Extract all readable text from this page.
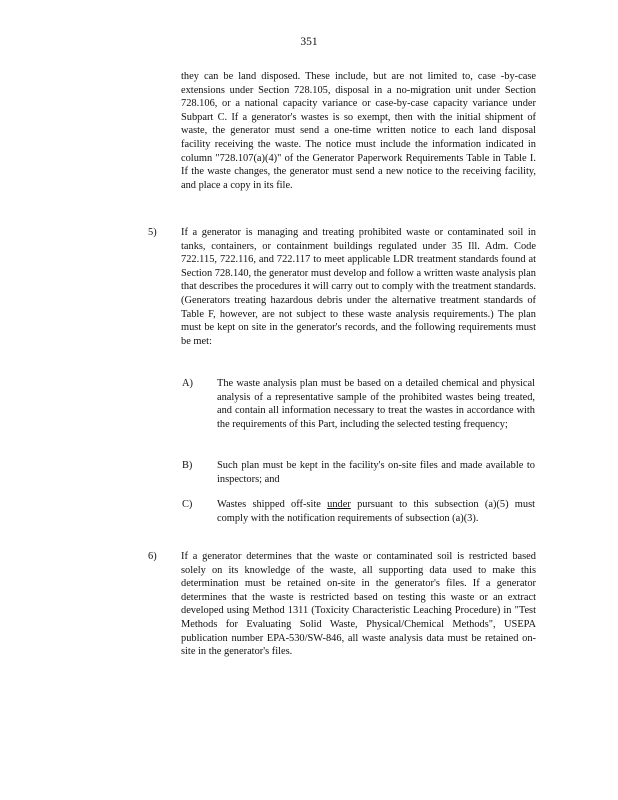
351

they can be land disposed. These include, but are not limited to, case -by-case extensions under Section 728.105, disposal in a no-migration unit under Section 728.106, or a national capacity variance or case-by-case capacity variance under Subpart C. If a generator's wastes is so exempt, then with the initial shipment of waste, the generator must send a one-time written notice to each land disposal facility receiving the waste. The notice must include the information indicated in column "728.107(a)(4)" of the Generator Paperwork Requirements Table in Table I. If the waste changes, the generator must send a new notice to the receiving facility, and place a copy in its file.

5) If a generator is managing and treating prohibited waste or contaminated soil in tanks, containers, or containment buildings regulated under 35 Ill. Adm. Code 722.115, 722.116, and 722.117 to meet applicable LDR treatment standards found at Section 728.140, the generator must develop and follow a written waste analysis plan that describes the procedures it will carry out to comply with the treatment standards. (Generators treating hazardous debris under the alternative treatment standards of Table F, however, are not subject to these waste analysis requirements.) The plan must be kept on site in the generator's records, and the following requirements must be met:

A) The waste analysis plan must be based on a detailed chemical and physical analysis of a representative sample of the prohibited wastes being treated, and contain all information necessary to treat the wastes in accordance with the requirements of this Part, including the selected testing frequency;

B) Such plan must be kept in the facility's on-site files and made available to inspectors; and

C) Wastes shipped off-site under pursuant to this subsection (a)(5) must comply with the notification requirements of subsection (a)(3).

6) If a generator determines that the waste or contaminated soil is restricted based solely on its knowledge of the waste, all supporting data used to make this determination must be retained on-site in the generator's files. If a generator determines that the waste is restricted based on testing this waste or an extract developed using Method 1311 (Toxicity Characteristic Leaching Procedure) in "Test Methods for Evaluating Solid Waste, Physical/Chemical Methods", USEPA publication number EPA-530/SW-846, all waste analysis data must be retained on-site in the generator's files.
